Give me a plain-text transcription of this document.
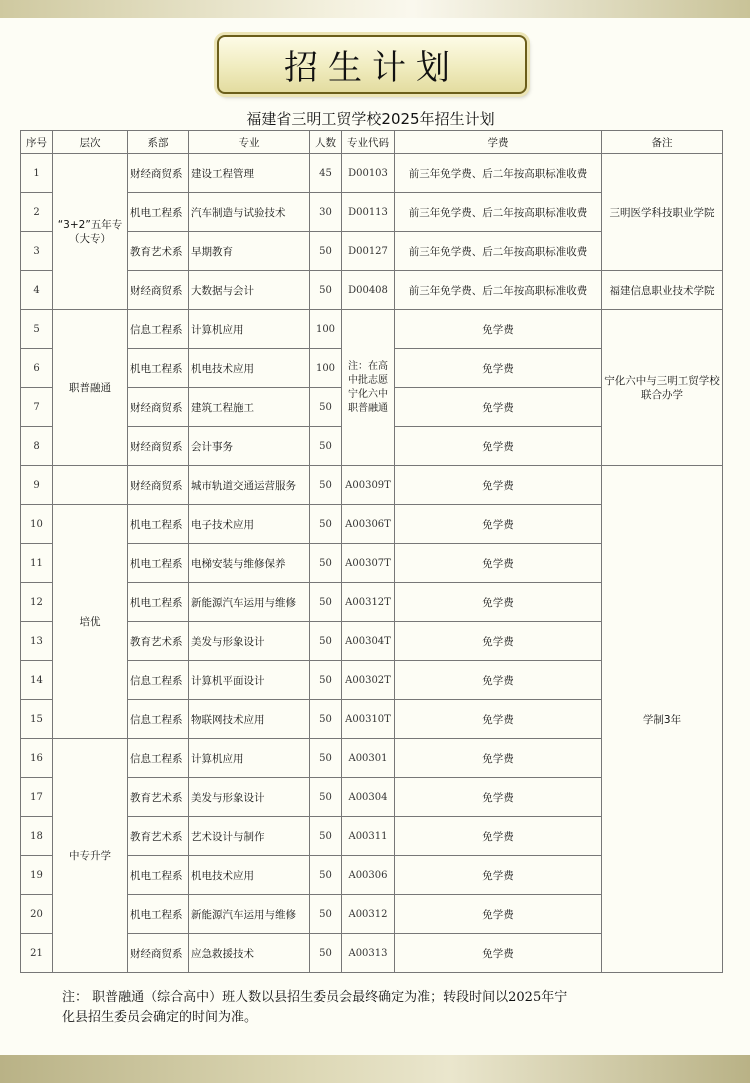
招生计划
福建省三明工贸学校2025年招生计划
序号	层次	系部	专业	人数	专业代码	学费	备注
1	“3+2”五年专（大专）	财经商贸系	建设工程管理	45	D00103	前三年免学费、后二年按高职标准收费	三明医学科技职业学院
2		机电工程系	汽车制造与试验技术	30	D00113	前三年免学费、后二年按高职标准收费	
3		教育艺术系	早期教育	50	D00127	前三年免学费、后二年按高职标准收费	
4		财经商贸系	大数据与会计	50	D00408	前三年免学费、后二年按高职标准收费	福建信息职业技术学院
5	职普融通	信息工程系	计算机应用	100	注：在高中批志愿宁化六中职普融通	免学费	宁化六中与三明工贸学校联合办学
6		机电工程系	机电技术应用	100		免学费	
7		财经商贸系	建筑工程施工	50		免学费	
8		财经商贸系	会计事务	50		免学费	
9		财经商贸系	城市轨道交通运营服务	50	A00309T	免学费	学制3年
10	培优	机电工程系	电子技术应用	50	A00306T	免学费	
11		机电工程系	电梯安装与维修保养	50	A00307T	免学费	
12		机电工程系	新能源汽车运用与维修	50	A00312T	免学费	
13		教育艺术系	美发与形象设计	50	A00304T	免学费	
14		信息工程系	计算机平面设计	50	A00302T	免学费	
15		信息工程系	物联网技术应用	50	A00310T	免学费	
16	中专升学	信息工程系	计算机应用	50	A00301	免学费	
17		教育艺术系	美发与形象设计	50	A00304	免学费	
18		教育艺术系	艺术设计与制作	50	A00311	免学费	
19		机电工程系	机电技术应用	50	A00306	免学费	
20		机电工程系	新能源汽车运用与维修	50	A00312	免学费	
21		财经商贸系	应急救援技术	50	A00313	免学费	

注： 职普融通（综合高中）班人数以县招生委员会最终确定为准；转段时间以2025年宁

化县招生委员会确定的时间为准。
